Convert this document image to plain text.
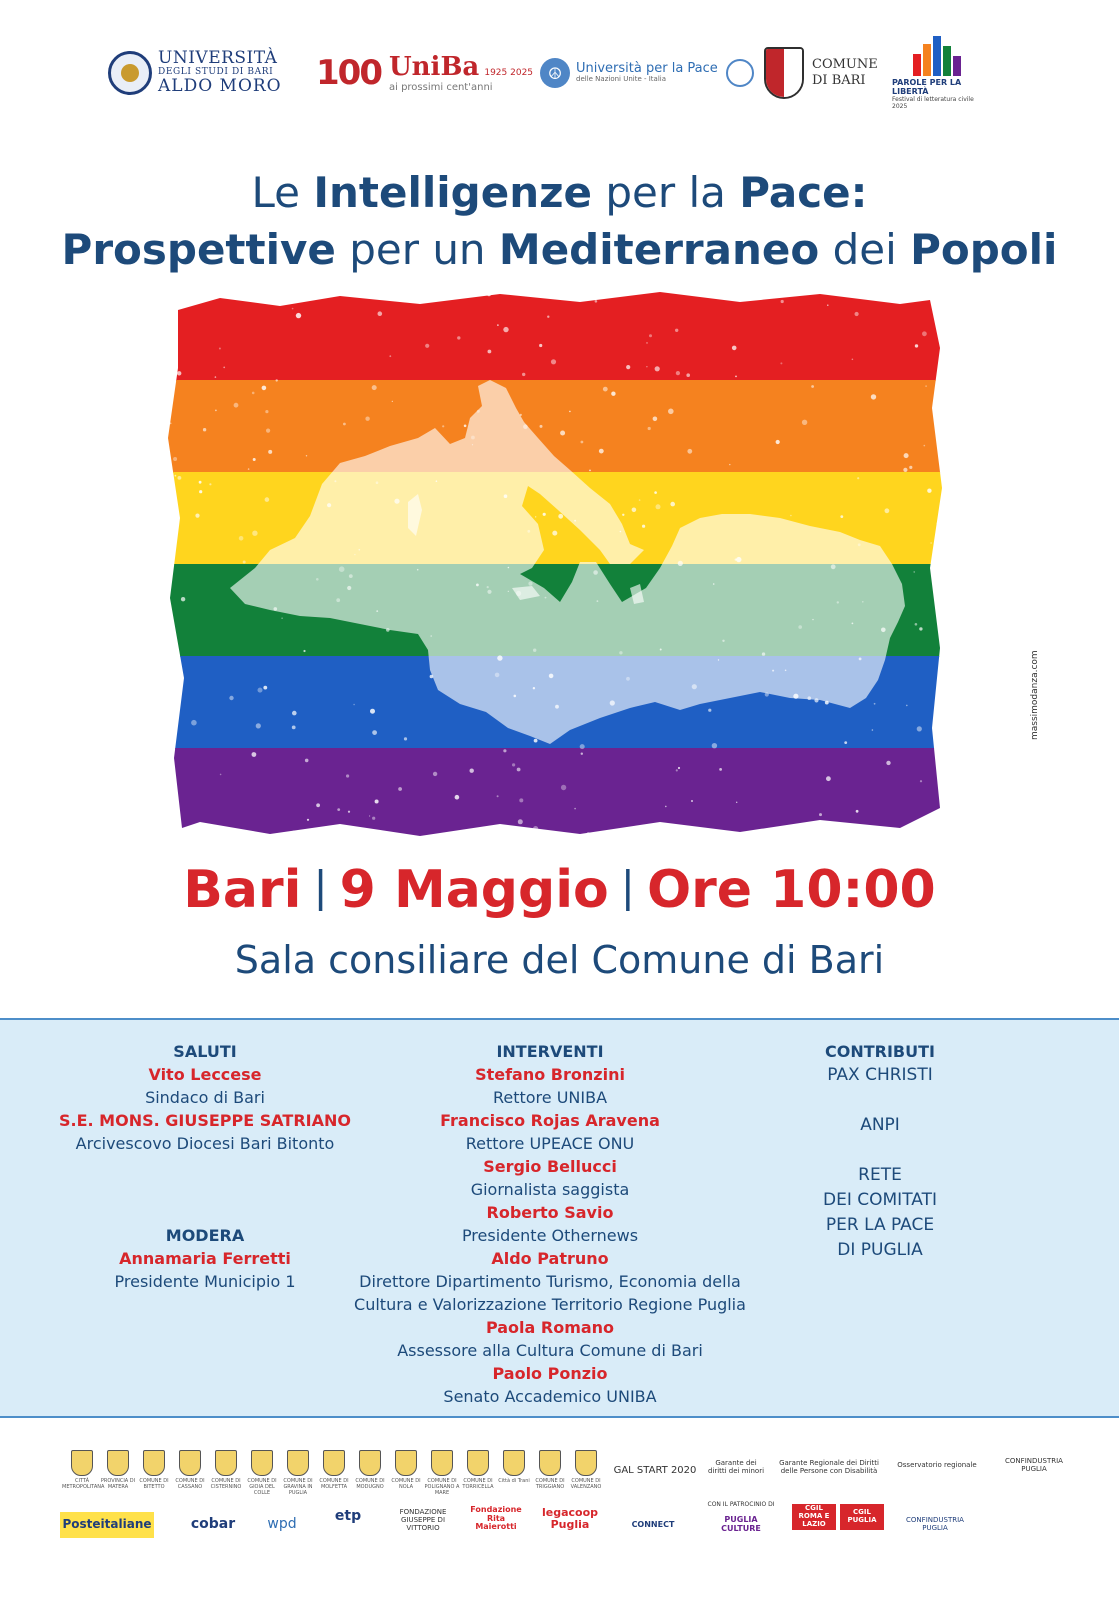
UNIVERSITÀ
DEGLI STUDI DI BARI
ALDO MORO 100 UniBa 1925 2025
ai prossimi cent'anni
☮	Università per la Pace
delle Nazioni Unite - Italia
COMUNE
DI BARI	PAROLE PER LA LIBERTÀ
Festival di letteratura civile 2025
Le Intelligenze per la Pace:
Prospettive per un Mediterraneo dei Popoli
massimodanza.com
Bari | 9 Maggio | Ore 10:00
Sala consiliare del Comune di Bari
SALUTI
Vito Leccese
Sindaco di Bari
S.E. MONS. GIUSEPPE SATRIANO
Arcivescovo Diocesi Bari Bitonto
MODERA
Annamaria Ferretti
Presidente Municipio 1
INTERVENTI
Stefano Bronzini
Rettore UNIBA
Francisco Rojas Aravena
Rettore UPEACE ONU
Sergio Bellucci
Giornalista saggista
Roberto Savio
Presidente Othernews
Aldo Patruno
Direttore Dipartimento Turismo, Economia della
Cultura e Valorizzazione Territorio Regione Puglia
Paola Romano
Assessore alla Cultura Comune di Bari
Paolo Ponzio
Senato Accademico UNIBA
CONTRIBUTI
PAX CHRISTI
ANPI
RETE
DEI COMITATI
PER LA PACE
DI PUGLIA
CITTÀ METROPOLITANA
PROVINCIA DI MATERA
COMUNE DI BITETTO
COMUNE DI CASSANO
COMUNE DI CISTERNINO
COMUNE DI GIOIA DEL COLLE
COMUNE DI GRAVINA IN PUGLIA
COMUNE DI MOLFETTA
COMUNE DI MODUGNO
COMUNE DI NOLA
COMUNE DI POLIGNANO A MARE
COMUNE DI TORRICELLA
Città di Trani	COMUNE DI TRIGGIANO
COMUNE DI VALENZANO
GAL START 2020
Garante dei diritti dei minori
Garante Regionale dei Diritti delle Persone con Disabilità
Osservatorio regionale	CONFINDUSTRIA PUGLIA
CON IL PATROCINIO DI
Posteitaliane	cobar	wpd	etp	FONDAZIONE GIUSEPPE DI VITTORIO
Fondazione Rita Maierotti
legacoop Puglia	CONNECT	PUGLIA CULTURE
CGIL ROMA E LAZIO
CGIL PUGLIA	CONFINDUSTRIA PUGLIA
